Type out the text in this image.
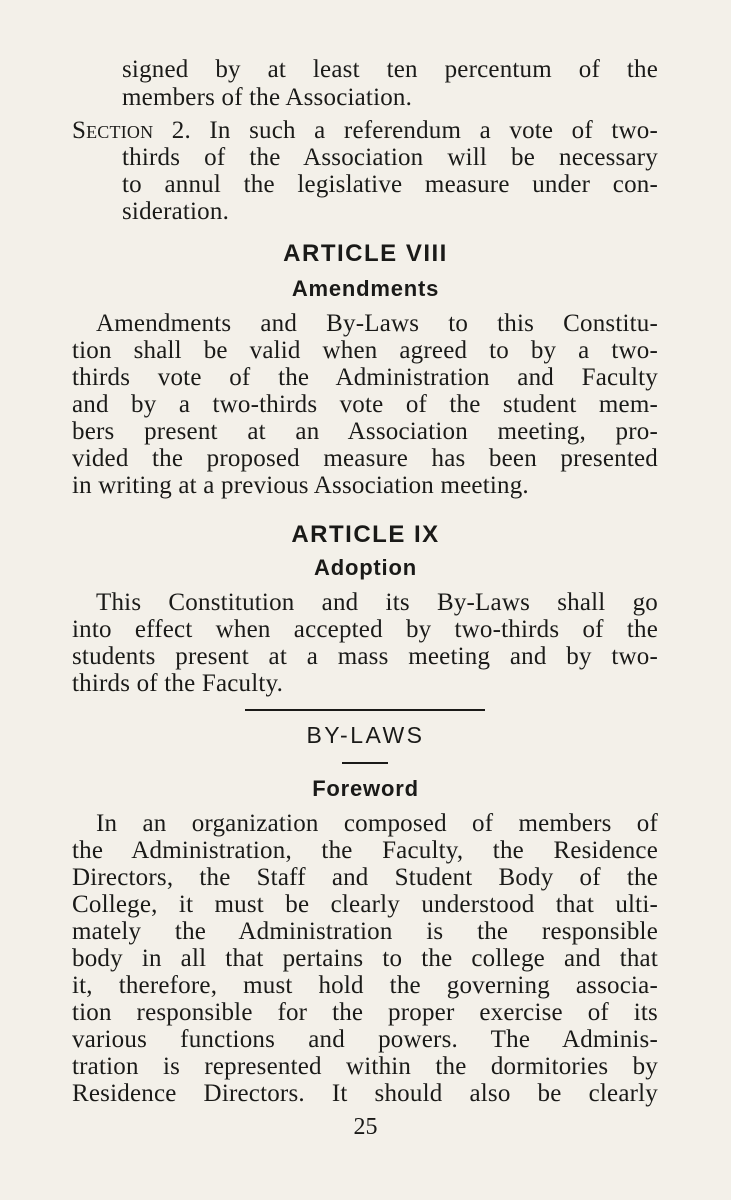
signed by at least ten percentum of the
members of the Association.
Section 2. In such a referendum a vote of two-
thirds of the Association will be necessary
to annul the legislative measure under con-
sideration.
ARTICLE VIII
Amendments
Amendments and By-Laws to this Constitu-
tion shall be valid when agreed to by a two-
thirds vote of the Administration and Faculty
and by a two-thirds vote of the student mem-
bers present at an Association meeting, pro-
vided the proposed measure has been presented
in writing at a previous Association meeting.
ARTICLE IX
Adoption
This Constitution and its By-Laws shall go
into effect when accepted by two-thirds of the
students present at a mass meeting and by two-
thirds of the Faculty.
BY-LAWS
Foreword
In an organization composed of members of
the Administration, the Faculty, the Residence
Directors, the Staff and Student Body of the
College, it must be clearly understood that ulti-
mately the Administration is the responsible
body in all that pertains to the college and that
it, therefore, must hold the governing associa-
tion responsible for the proper exercise of its
various functions and powers. The Adminis-
tration is represented within the dormitories by
Residence Directors. It should also be clearly
25
